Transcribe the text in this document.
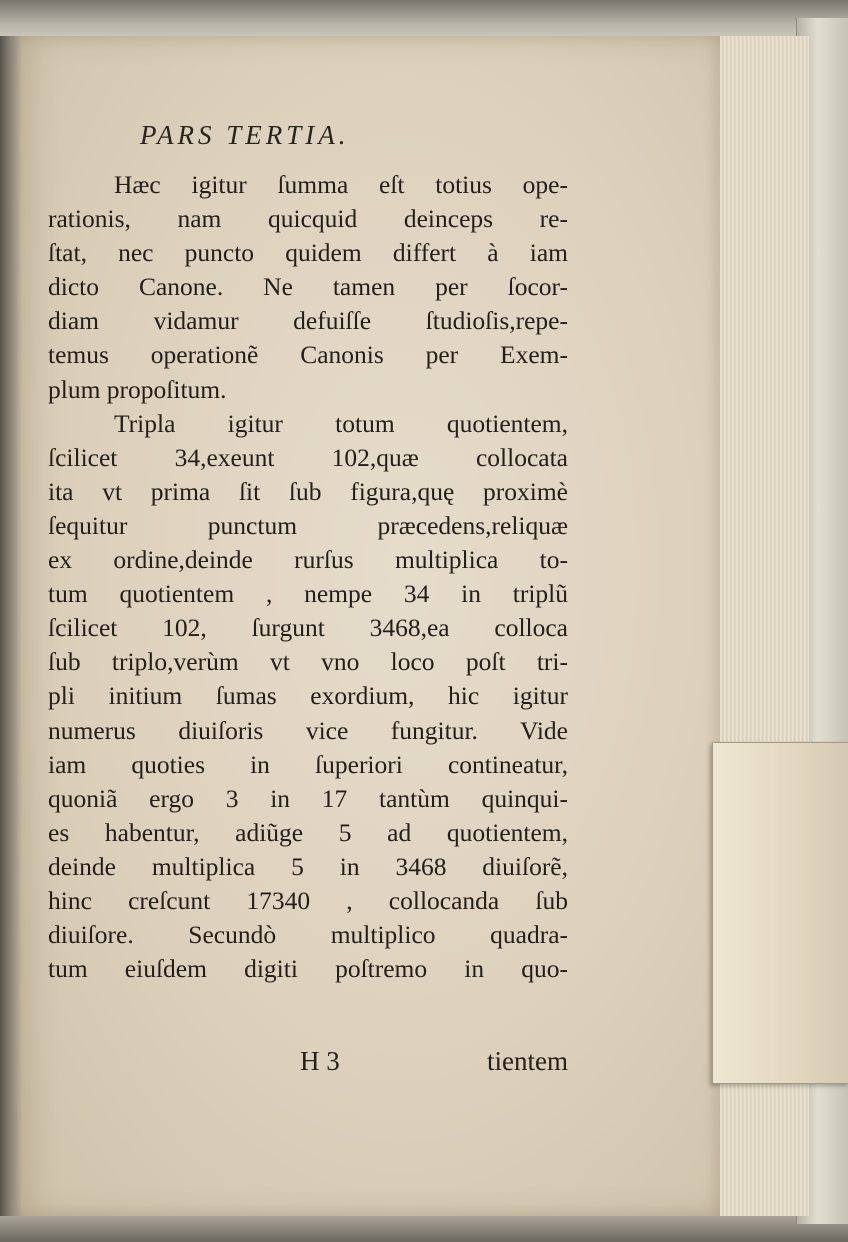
PARS TERTIA.
Hæc igitur ſumma eſt totius ope-
rationis, nam quicquid deinceps re-
ſtat, nec puncto quidem differt à iam
dicto Canone. Ne tamen per ſocor-
diam vidamur defuiſſe ſtudioſis,repe-
temus operationẽ Canonis per Exem-
plum propoſitum.
Tripla igitur totum quotientem,
ſcilicet 34,exeunt 102,quæ collocata
ita vt prima ſit ſub figura,quę proximè
ſequitur punctum præcedens,reliquæ
ex ordine,deinde rurſus multiplica to-
tum quotientem , nempe 34 in triplũ
ſcilicet 102, ſurgunt 3468,ea colloca
ſub triplo,verùm vt vno loco poſt tri-
pli initium ſumas exordium, hic igitur
numerus diuiſoris vice fungitur. Vide
iam quoties in ſuperiori contineatur,
quoniã ergo 3 in 17 tantùm quinqui-
es habentur, adiũge 5 ad quotientem,
deinde multiplica 5 in 3468 diuiſorẽ,
hinc creſcunt 17340 , collocanda ſub
diuiſore. Secundò multiplico quadra-
tum eiuſdem digiti poſtremo in quo-
H 3	tientem
